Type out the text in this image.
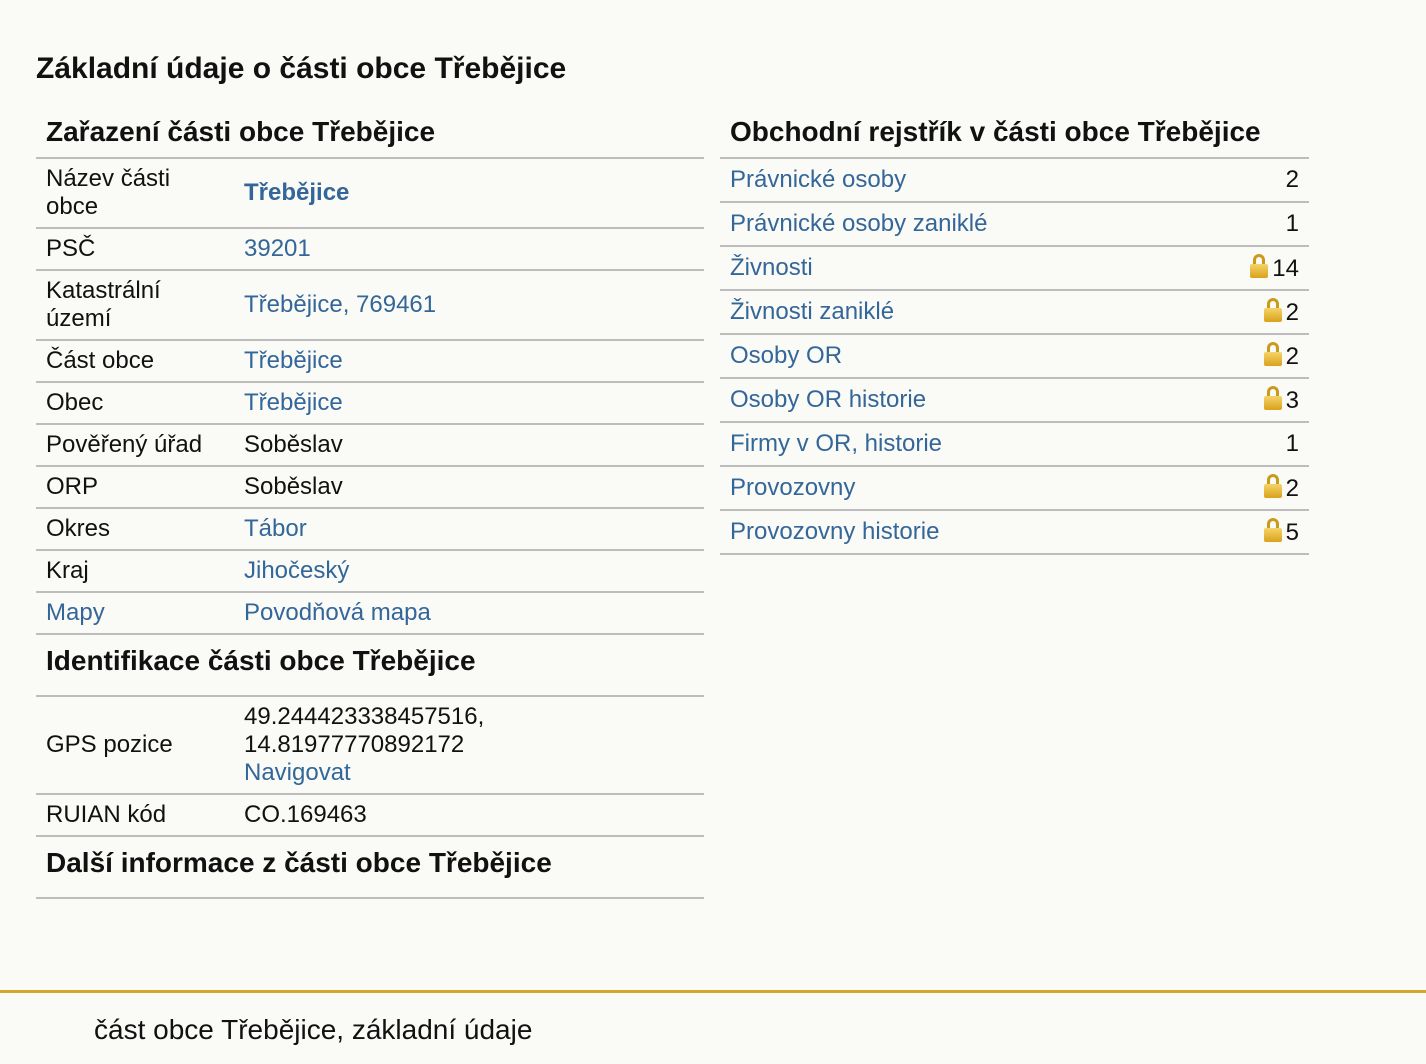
Základní údaje o části obce Třebějice
Zařazení části obce Třebějice
Název části obce	Třebějice
PSČ	39201
Katastrální území	Třebějice, 769461
Část obce	Třebějice
Obec	Třebějice
Pověřený úřad	Soběslav
ORP	Soběslav
Okres	Tábor
Kraj	Jihočeský
Mapy	Povodňová mapa
Identifikace části obce Třebějice
GPS pozice	49.244423338457516,
14.81977770892172
Navigovat
RUIAN kód	CO.169463
Další informace z části obce Třebějice
Obchodní rejstřík v části obce Třebějice
Právnické osoby	2
Právnické osoby zaniklé	1
Živnosti	14
Živnosti zaniklé	2
Osoby OR	2
Osoby OR historie	3
Firmy v OR, historie	1
Provozovny	2
Provozovny historie	5
část obce Třebějice, základní údaje
